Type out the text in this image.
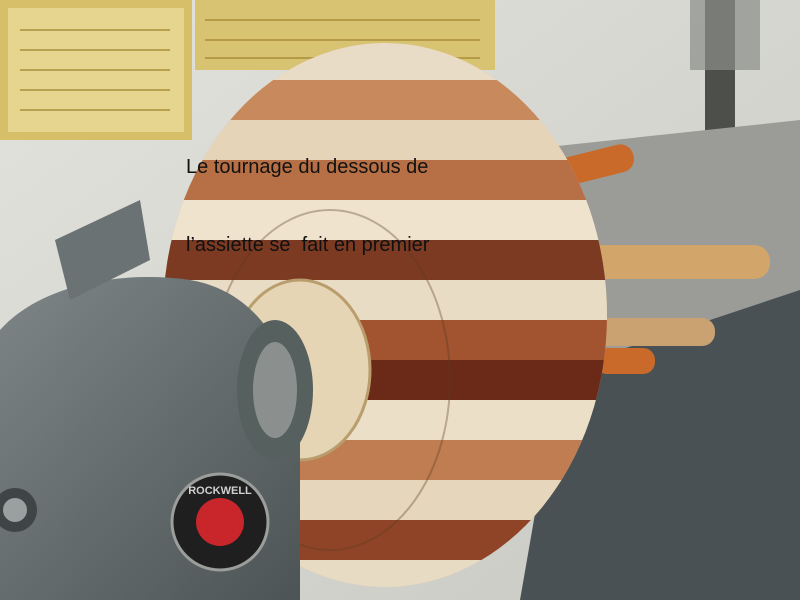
ROCKWELL

Le tournage du dessous de

l’assiette se  fait en premier
